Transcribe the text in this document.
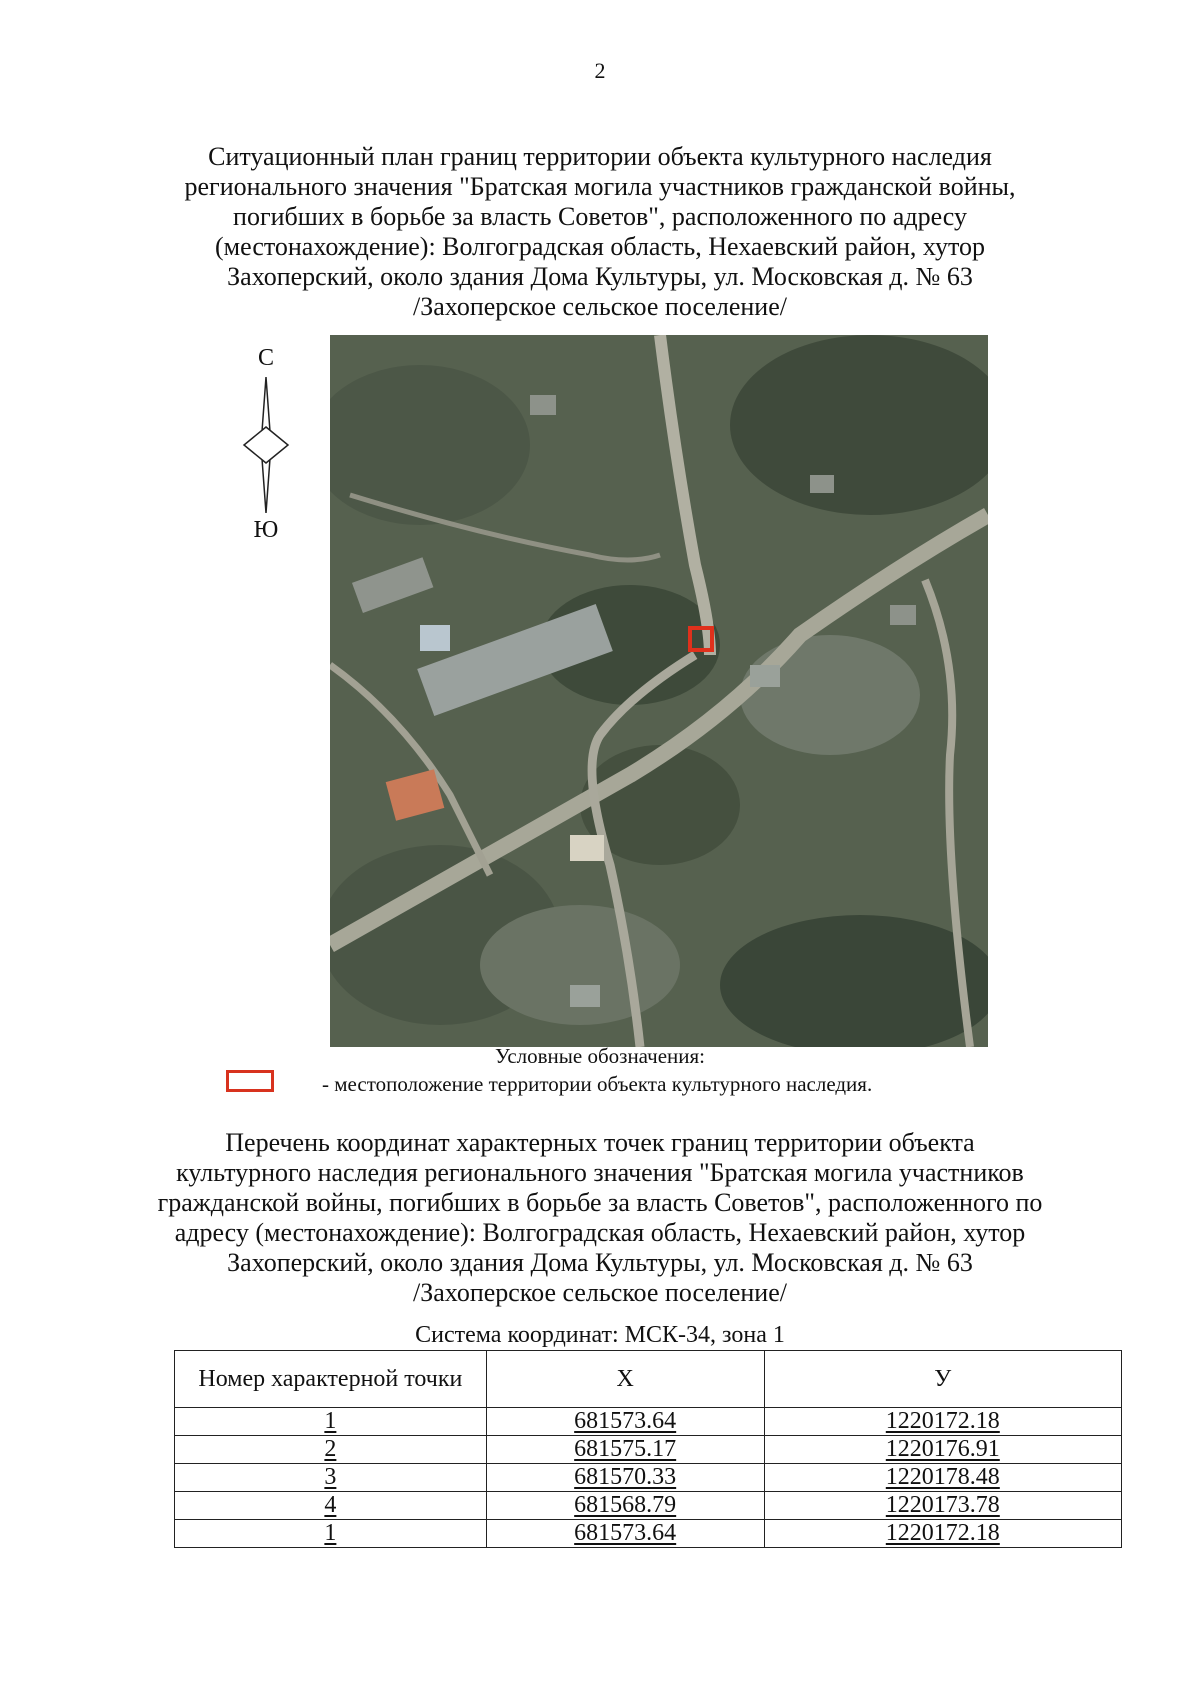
2
Ситуационный план границ территории объекта культурного наследия
регионального значения "Братская могила участников гражданской войны,
погибших в борьбе за власть Советов", расположенного по адресу
(местонахождение): Волгоградская область, Нехаевский район, хутор
Захоперский, около здания Дома Культуры, ул. Московская д. № 63
/Захоперское сельское поселение/
С
Ю
Условные обозначения:
- местоположение территории объекта культурного наследия.
Перечень координат характерных точек границ территории объекта
культурного наследия регионального значения "Братская могила участников
гражданской войны, погибших в борьбе за власть Советов", расположенного по
адресу (местонахождение): Волгоградская область, Нехаевский район, хутор
Захоперский, около здания Дома Культуры, ул. Московская д. № 63
/Захоперское сельское поселение/
Система координат: МСК-34, зона 1
Номер характерной точки	X	У
1	681573.64	1220172.18
2	681575.17	1220176.91
3	681570.33	1220178.48
4	681568.79	1220173.78
1	681573.64	1220172.18
